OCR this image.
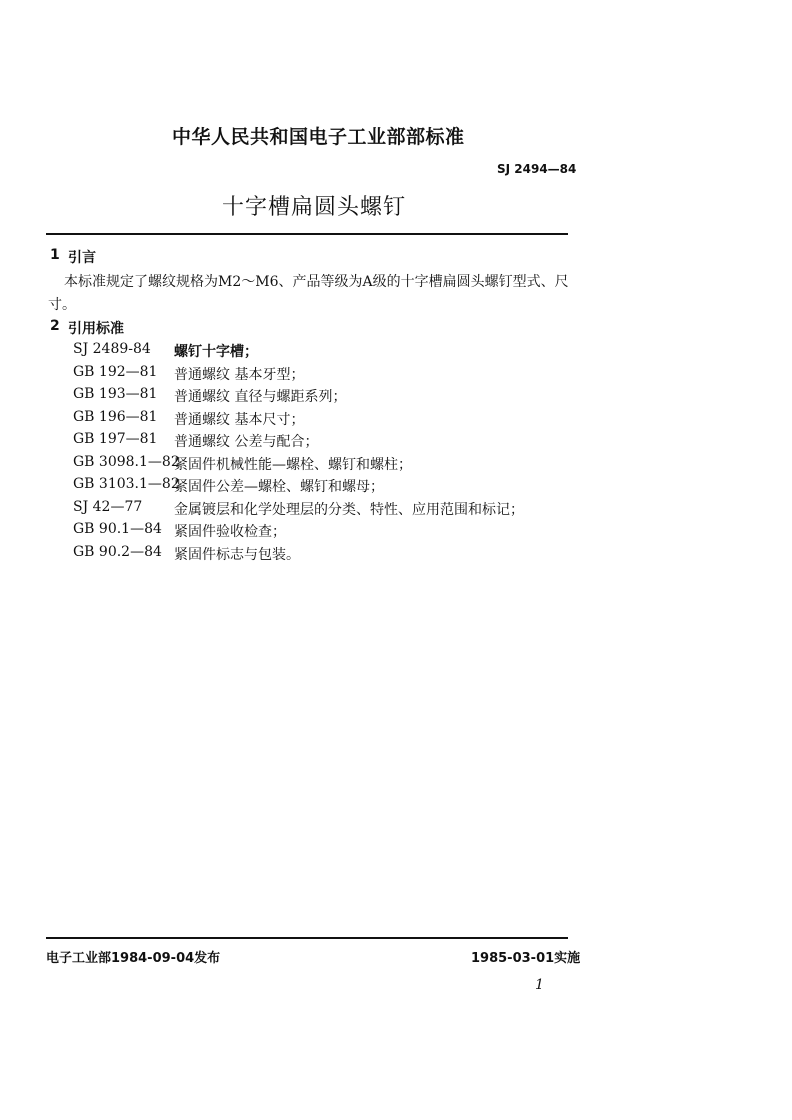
中华人民共和国电子工业部部标准
SJ 2494—84
十字槽扁圆头螺钉
1 引言
本标准规定了螺纹规格为M2～M6、产品等级为A级的十字槽扁圆头螺钉型式、尺
寸。
2 引用标准
SJ 2489-84 螺钉十字槽；
GB 192—81 普通螺纹 基本牙型；
GB 193—81 普通螺纹 直径与螺距系列；
GB 196—81 普通螺纹 基本尺寸；
GB 197—81 普通螺纹 公差与配合；
GB 3098.1—82
紧固件机械性能—螺栓、螺钉和螺柱；
GB 3103.1—82
紧固件公差—螺栓、螺钉和螺母；
SJ 42—77 金属镀层和化学处理层的分类、特性、应用范围和标记；
GB 90.1—84 紧固件验收检查；
GB 90.2—84 紧固件标志与包装。
电子工业部1984-09-04发布	1985-03-01实施
1
